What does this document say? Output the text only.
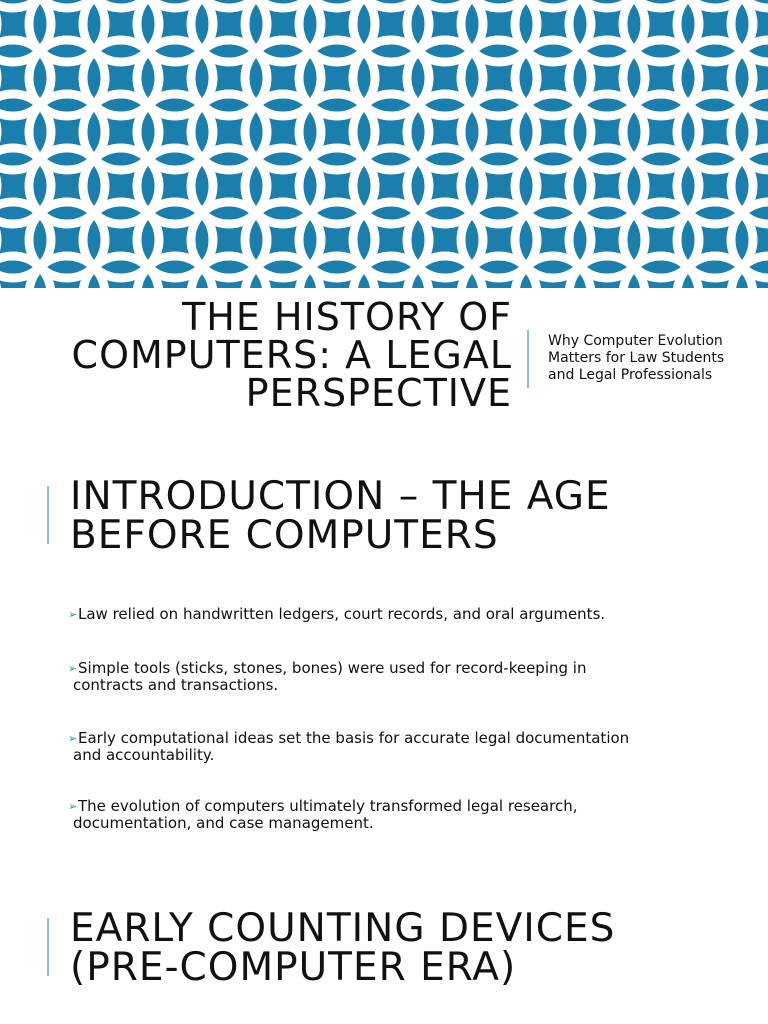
THE HISTORY OF
COMPUTERS: A LEGAL
PERSPECTIVE
Why Computer Evolution
Matters for Law Students
and Legal Professionals
INTRODUCTION – THE AGE
BEFORE COMPUTERS
➢ Law relied on handwritten ledgers, court records, and oral arguments.
➢ Simple tools (sticks, stones, bones) were used for record-keeping in
contracts and transactions.
➢ Early computational ideas set the basis for accurate legal documentation
and accountability.
➢ The evolution of computers ultimately transformed legal research,
documentation, and case management.
EARLY COUNTING DEVICES
(PRE-COMPUTER ERA)
